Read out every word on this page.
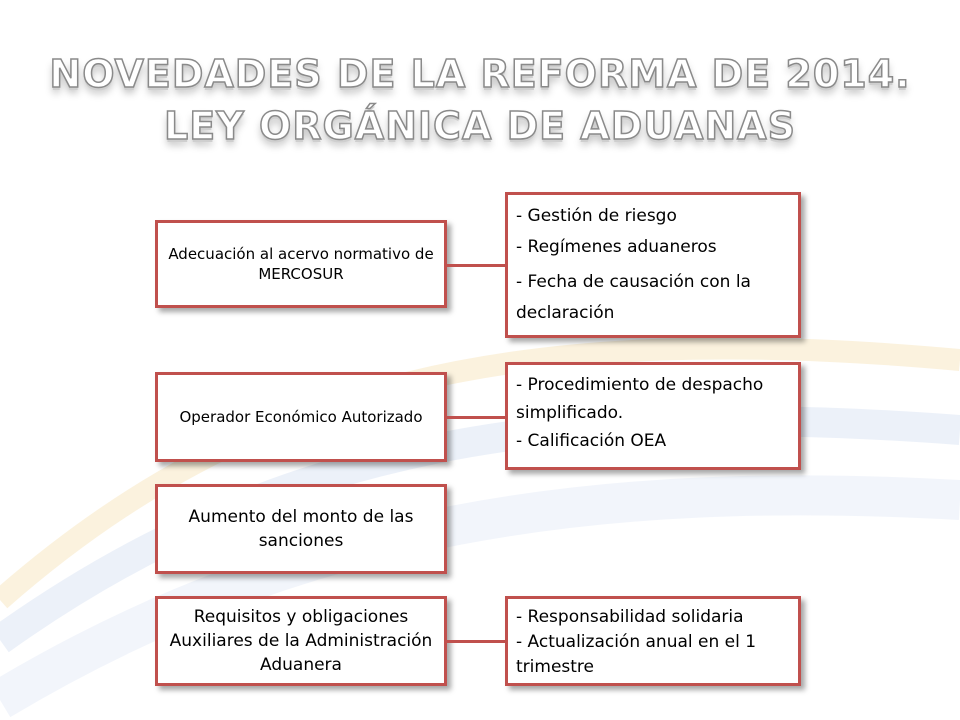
NOVEDADES DE LA REFORMA DE 2014.
LEY ORGÁNICA DE ADUANAS
Adecuación al acervo normativo de
MERCOSUR
- Gestión de riesgo
- Regímenes aduaneros
- Fecha de causación con la
declaración
Operador Económico Autorizado
- Procedimiento de despacho
simplificado.
- Calificación OEA
Aumento del monto de las
sanciones
Requisitos y obligaciones
Auxiliares de la Administración
Aduanera
- Responsabilidad solidaria
- Actualización anual en el 1
trimestre
